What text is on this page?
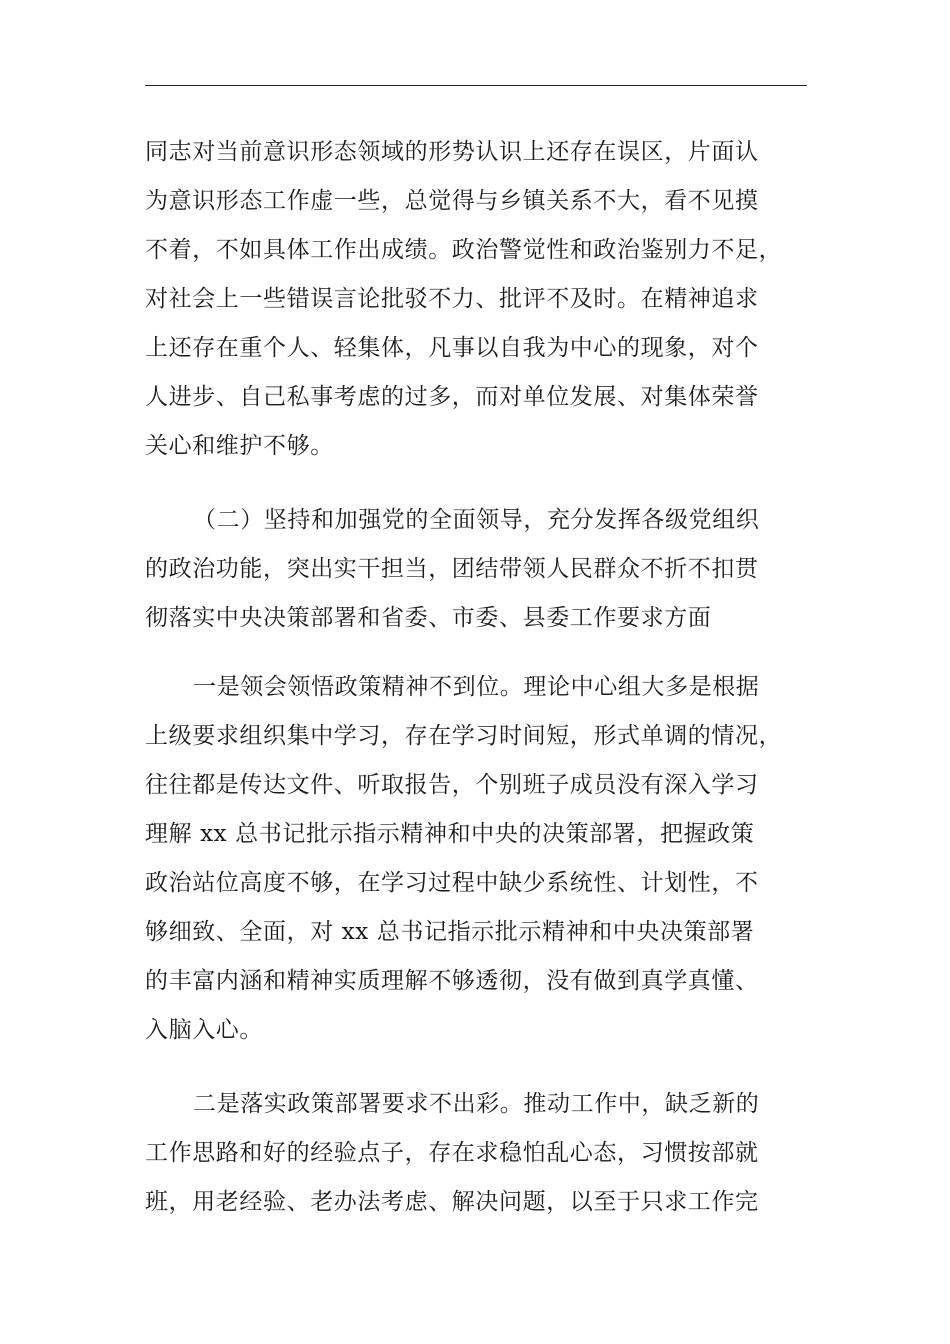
同志对当前意识形态领域的形势认识上还存在误区，片面认
为意识形态工作虚一些，总觉得与乡镇关系不大，看不见摸
不着，不如具体工作出成绩。政治警觉性和政治鉴别力不足，
对社会上一些错误言论批驳不力、批评不及时。在精神追求
上还存在重个人、轻集体，凡事以自我为中心的现象，对个
人进步、自己私事考虑的过多，而对单位发展、对集体荣誉
关心和维护不够。
（二）坚持和加强党的全面领导，充分发挥各级党组织
的政治功能，突出实干担当，团结带领人民群众不折不扣贯
彻落实中央决策部署和省委、市委、县委工作要求方面
一是领会领悟政策精神不到位。理论中心组大多是根据
上级要求组织集中学习，存在学习时间短，形式单调的情况，
往往都是传达文件、听取报告，个别班子成员没有深入学习
理解 xx 总书记批示指示精神和中央的决策部署，把握政策
政治站位高度不够，在学习过程中缺少系统性、计划性，不
够细致、全面，对 xx 总书记指示批示精神和中央决策部署
的丰富内涵和精神实质理解不够透彻，没有做到真学真懂、
入脑入心。
二是落实政策部署要求不出彩。推动工作中，缺乏新的
工作思路和好的经验点子，存在求稳怕乱心态，习惯按部就
班，用老经验、老办法考虑、解决问题，以至于只求工作完
